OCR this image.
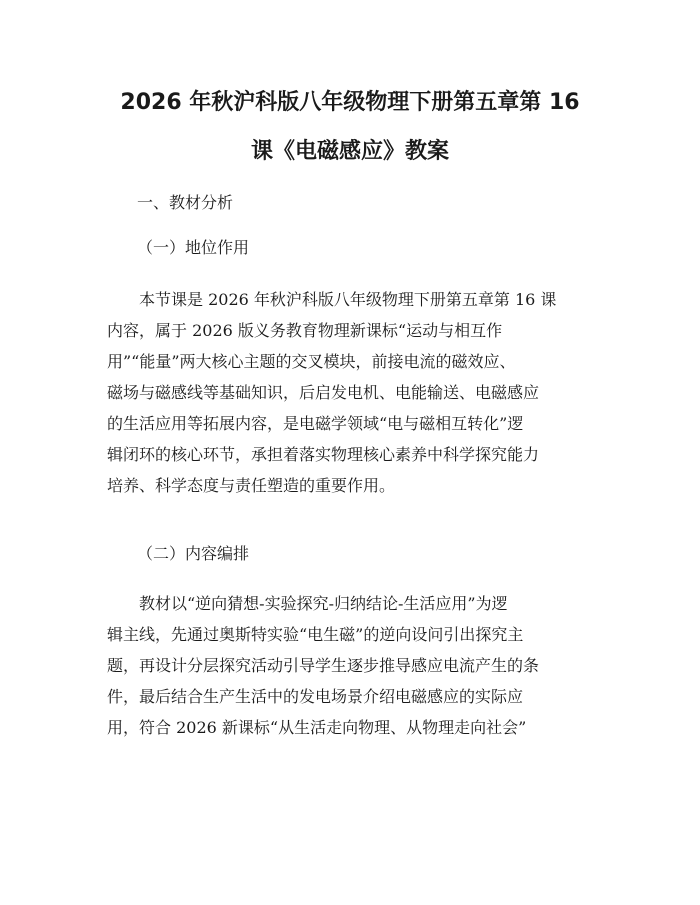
2026 年秋沪科版八年级物理下册第五章第 16
课《电磁感应》教案

一、教材分析

（一）地位作用

本节课是 2026 年秋沪科版八年级物理下册第五章第 16 课
内容，属于 2026 版义务教育物理新课标“运动与相互作
用”“能量”两大核心主题的交叉模块，前接电流的磁效应、
磁场与磁感线等基础知识，后启发电机、电能输送、电磁感应
的生活应用等拓展内容，是电磁学领域“电与磁相互转化”逻
辑闭环的核心环节，承担着落实物理核心素养中科学探究能力
培养、科学态度与责任塑造的重要作用。

（二）内容编排

教材以“逆向猜想-实验探究-归纳结论-生活应用”为逻
辑主线，先通过奥斯特实验“电生磁”的逆向设问引出探究主
题，再设计分层探究活动引导学生逐步推导感应电流产生的条
件，最后结合生产生活中的发电场景介绍电磁感应的实际应
用，符合 2026 新课标“从生活走向物理、从物理走向社会”
